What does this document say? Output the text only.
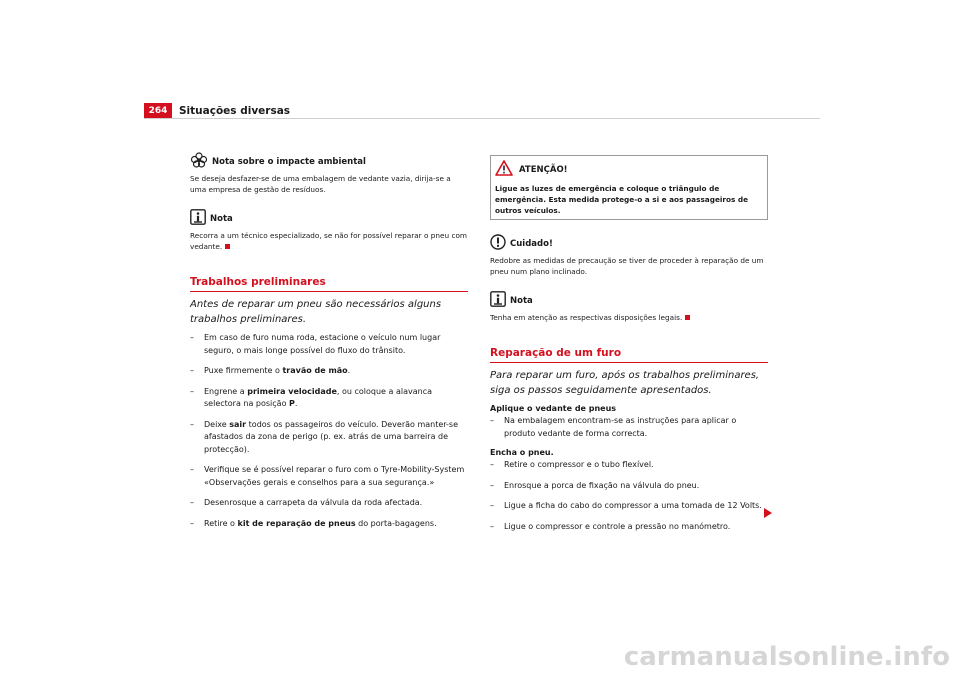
264	Situações diversas
Nota sobre o impacte ambiental
Se deseja desfazer-se de uma embalagem de vedante vazia, dirija-se a uma empresa de gestão de resíduos.
Nota
Recorra a um técnico especializado, se não for possível reparar o pneu com vedante.
Trabalhos preliminares
Antes de reparar um pneu são necessários alguns trabalhos preliminares.
– Em caso de furo numa roda, estacione o veículo num lugar seguro, o mais longe possível do fluxo do trânsito.
– Puxe firmemente o travão de mão.
– Engrene a primeira velocidade, ou coloque a alavanca selectora na posição P.
– Deixe sair todos os passageiros do veículo. Deverão manter-se afastados da zona de perigo (p. ex. atrás de uma barreira de protecção).
– Verifique se é possível reparar o furo com o Tyre-Mobility-System «Observações gerais e conselhos para a sua segurança.»
– Desenrosque a carrapeta da válvula da roda afectada.
– Retire o kit de reparação de pneus do porta-bagagens.
ATENÇÃO!
Ligue as luzes de emergência e coloque o triângulo de emergência. Esta medida protege-o a si e aos passageiros de outros veículos.
Cuidado!
Redobre as medidas de precaução se tiver de proceder à reparação de um pneu num plano inclinado.
Nota
Tenha em atenção as respectivas disposições legais.
Reparação de um furo
Para reparar um furo, após os trabalhos preliminares, siga os passos seguidamente apresentados.
Aplique o vedante de pneus
– Na embalagem encontram-se as instruções para aplicar o produto vedante de forma correcta.
Encha o pneu.
– Retire o compressor e o tubo flexível.
– Enrosque a porca de fixação na válvula do pneu.
– Ligue a ficha do cabo do compressor a uma tomada de 12 Volts.
– Ligue o compressor e controle a pressão no manómetro.
carmanualsonline.info
